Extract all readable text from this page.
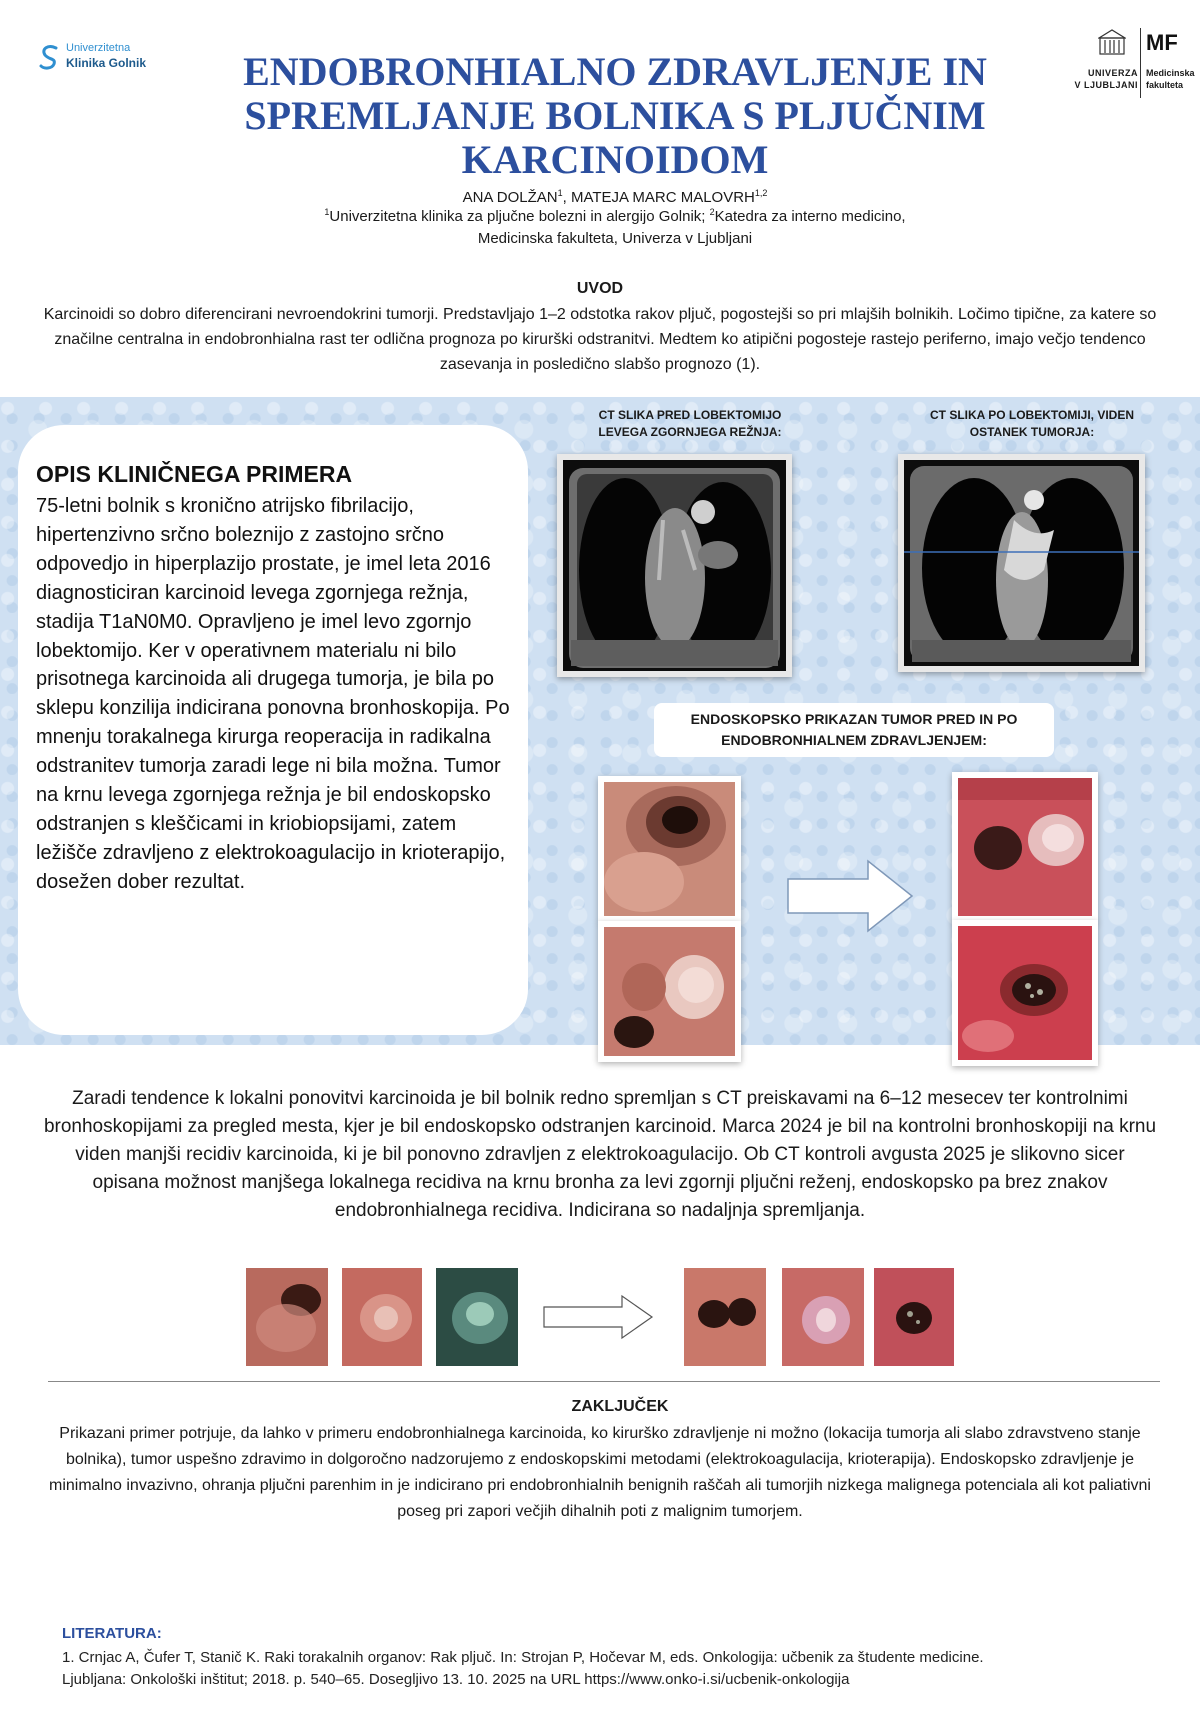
Univerzitetna
Klinika Golnik
MF
UNIVERZA
V LJUBLJANI
Medicinska
fakulteta
ENDOBRONHIALNO ZDRAVLJENJE IN
SPREMLJANJE BOLNIKA S PLJUČNIM
KARCINOIDOM
ANA DOLŽAN$^1$, MATEJA MARC MALOVRH$^{1,2}$
$^1$Univerzitetna klinika za pljučne bolezni in alergijo Golnik; $^2$Katedra za interno medicino,
Medicinska fakulteta, Univerza v Ljubljani
UVOD
Karcinoidi so dobro diferencirani nevroendokrini tumorji. Predstavljajo 1–2 odstotka rakov pljuč, pogostejši so pri mlajših bolnikih. Ločimo tipične, za katere so značilne centralna in endobronhialna rast ter odlična prognoza po kirurški odstranitvi. Medtem ko atipični pogosteje rastejo periferno, imajo večjo tendenco zasevanja in posledično slabšo prognozo (1).
OPIS KLINIČNEGA PRIMERA
75-letni bolnik s kronično atrijsko fibrilacijo, hipertenzivno srčno boleznijo z zastojno srčno odpovedjo in hiperplazijo prostate, je imel leta 2016 diagnosticiran karcinoid levega zgornjega režnja, stadija T1aN0M0. Opravljeno je imel levo zgornjo lobektomijo. Ker v operativnem materialu ni bilo prisotnega karcinoida ali drugega tumorja, je bila po sklepu konzilija indicirana ponovna bronhoskopija. Po mnenju torakalnega kirurga reoperacija in radikalna odstranitev tumorja zaradi lege ni bila možna. Tumor na krnu levega zgornjega režnja je bil endoskopsko odstranjen s kleščicami in kriobiopsijami, zatem ležišče zdravljeno z elektrokoagulacijo in krioterapijo, dosežen dober rezultat.
CT SLIKA PRED LOBEKTOMIJO
LEVEGA ZGORNJEGA REŽNJA:
CT SLIKA PO LOBEKTOMIJI, VIDEN
OSTANEK TUMORJA:
ENDOSKOPSKO PRIKAZAN TUMOR PRED IN PO
ENDOBRONHIALNEM ZDRAVLJENJEM:
Zaradi tendence k lokalni ponovitvi karcinoida je bil bolnik redno spremljan s CT preiskavami na 6–12 mesecev ter kontrolnimi bronhoskopijami za pregled mesta, kjer je bil endoskopsko odstranjen karcinoid. Marca 2024 je bil na kontrolni bronhoskopiji na krnu viden manjši recidiv karcinoida, ki je bil ponovno zdravljen z elektrokoagulacijo. Ob CT kontroli avgusta 2025 je slikovno sicer opisana možnost manjšega lokalnega recidiva na krnu bronha za levi zgornji pljučni reženj, endoskopsko pa brez znakov endobronhialnega recidiva. Indicirana so nadaljnja spremljanja.
ZAKLJUČEK
Prikazani primer potrjuje, da lahko v primeru endobronhialnega karcinoida, ko kirurško zdravljenje ni možno (lokacija tumorja ali slabo zdravstveno stanje bolnika), tumor uspešno zdravimo in dolgoročno nadzorujemo z endoskopskimi metodami (elektrokoagulacija, krioterapija). Endoskopsko zdravljenje je minimalno invazivno, ohranja pljučni parenhim in je indicirano pri endobronhialnih benignih raščah ali tumorjih nizkega malignega potenciala ali kot paliativni poseg pri zapori večjih dihalnih poti z malignim tumorjem.
LITERATURA:
1. Crnjac A, Čufer T, Stanič K. Raki torakalnih organov: Rak pljuč. In: Strojan P, Hočevar M, eds. Onkologija: učbenik za študente medicine.
Ljubljana: Onkološki inštitut; 2018. p. 540–65. Dosegljivo 13. 10. 2025 na URL https://www.onko-i.si/ucbenik-onkologija
